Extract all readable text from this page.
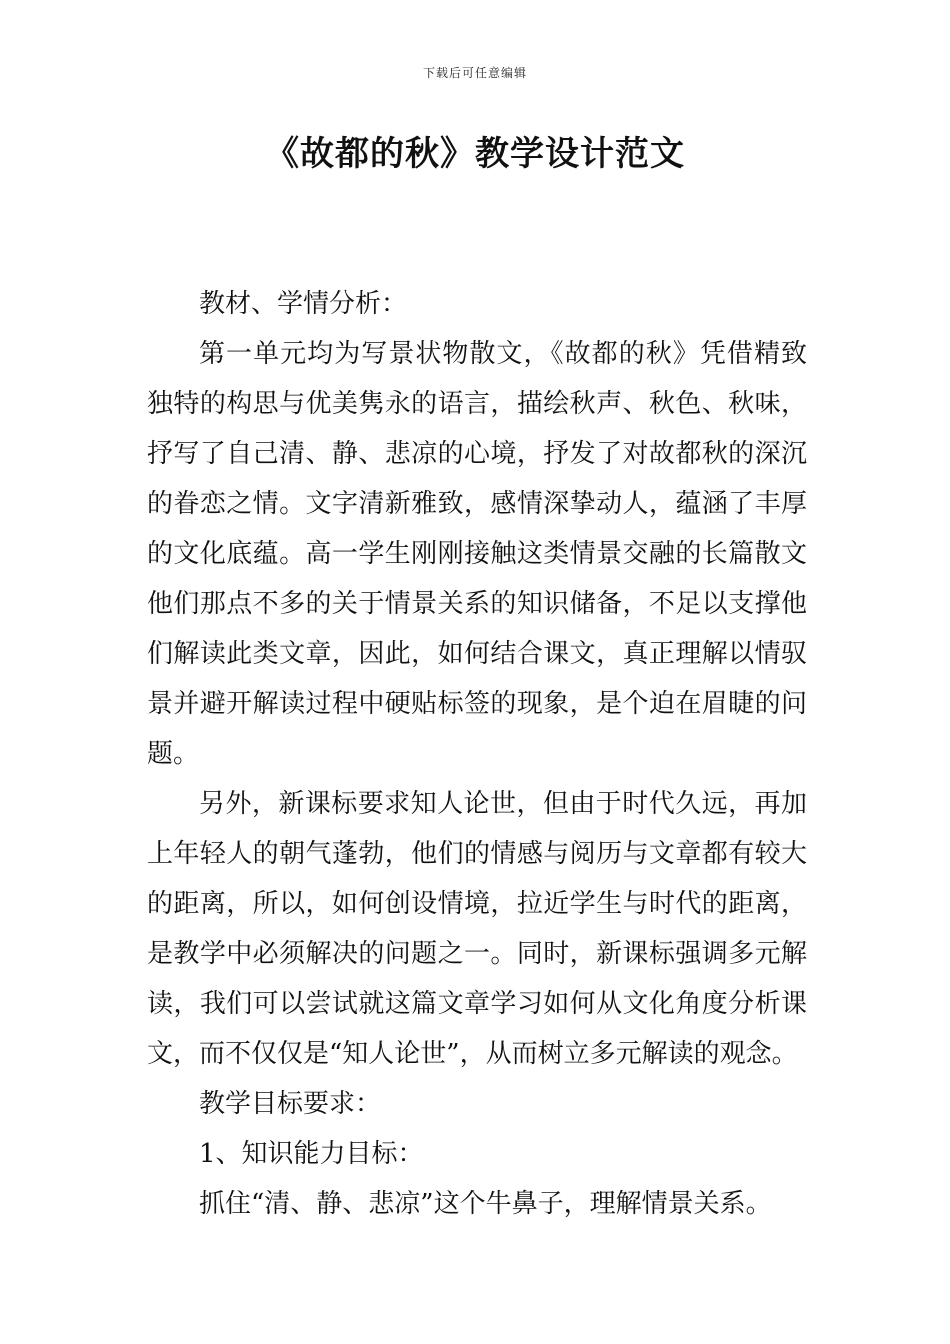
下载后可任意编辑
《故都的秋》教学设计范文

教材、学情分析：

第一单元均为写景状物散文，《故都的秋》凭借精致独特的构思与优美隽永的语言，描绘秋声、秋色、秋味，抒写了自己清、静、悲凉的心境，抒发了对故都秋的深沉的眷恋之情。文字清新雅致，感情深挚动人，蕴涵了丰厚的文化底蕴。高一学生刚刚接触这类情景交融的长篇散文他们那点不多的关于情景关系的知识储备，不足以支撑他们解读此类文章，因此，如何结合课文，真正理解以情驭景并避开解读过程中硬贴标签的现象，是个迫在眉睫的问题。

另外，新课标要求知人论世，但由于时代久远，再加上年轻人的朝气蓬勃，他们的情感与阅历与文章都有较大的距离，所以，如何创设情境，拉近学生与时代的距离，是教学中必须解决的问题之一。同时，新课标强调多元解读，我们可以尝试就这篇文章学习如何从文化角度分析课文，而不仅仅是“知人论世”，从而树立多元解读的观念。

教学目标要求：

1、知识能力目标：

抓住“清、静、悲凉”这个牛鼻子，理解情景关系。
